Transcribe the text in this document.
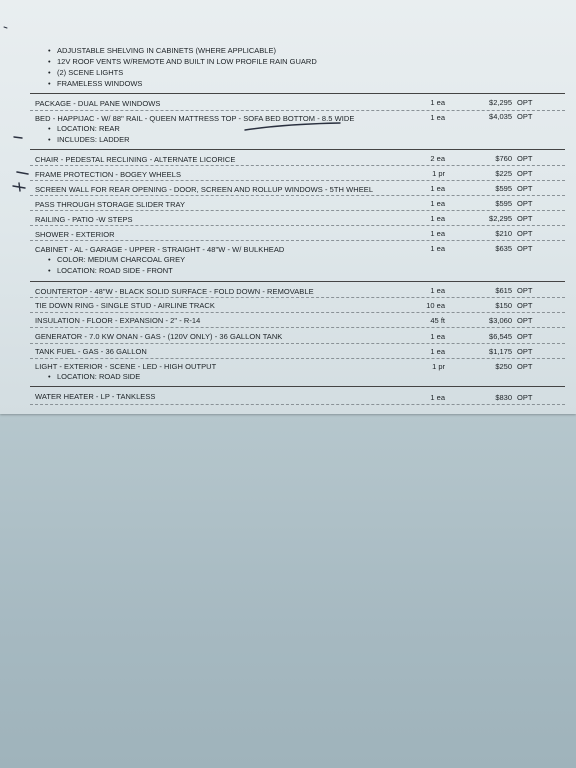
• ADJUSTABLE SHELVING IN CABINETS (WHERE APPLICABLE)
• 12V ROOF VENTS W/REMOTE AND BUILT IN LOW PROFILE RAIN GUARD
• (2) SCENE LIGHTS
• FRAMELESS WINDOWS
PACKAGE - DUAL PANE WINDOWS	1 ea	$2,295 OPT
BED - HAPPIJAC - W/ 88" RAIL - QUEEN MATTRESS TOP - SOFA BED BOTTOM - 8.5 WIDE	1 ea	$4,035 OPT
• LOCATION: REAR
• INCLUDES: LADDER
CHAIR - PEDESTAL RECLINING - ALTERNATE LICORICE	2 ea	$760 OPT
FRAME PROTECTION - BOGEY WHEELS	1 pr	$225 OPT
SCREEN WALL FOR REAR OPENING - DOOR, SCREEN AND ROLLUP WINDOWS - 5TH WHEEL	1 ea	$595 OPT
PASS THROUGH STORAGE SLIDER TRAY	1 ea	$595 OPT
RAILING - PATIO -W STEPS	1 ea	$2,295 OPT
SHOWER - EXTERIOR	1 ea	$210 OPT
CABINET - AL - GARAGE - UPPER - STRAIGHT - 48"W - W/ BULKHEAD	1 ea	$635 OPT
• COLOR: MEDIUM CHARCOAL GREY
• LOCATION: ROAD SIDE - FRONT
COUNTERTOP - 48"W - BLACK SOLID SURFACE - FOLD DOWN - REMOVABLE	1 ea	$615 OPT
TIE DOWN RING - SINGLE STUD - AIRLINE TRACK	10 ea	$150 OPT
INSULATION - FLOOR - EXPANSION - 2" - R-14	45 ft	$3,060 OPT
GENERATOR - 7.0 KW ONAN - GAS - (120V ONLY) - 36 GALLON TANK	1 ea	$6,545 OPT
TANK FUEL - GAS - 36 GALLON	1 ea	$1,175 OPT
LIGHT - EXTERIOR - SCENE - LED - HIGH OUTPUT	1 pr	$250 OPT
• LOCATION: ROAD SIDE
WATER HEATER - LP - TANKLESS	1 ea	$830 OPT
